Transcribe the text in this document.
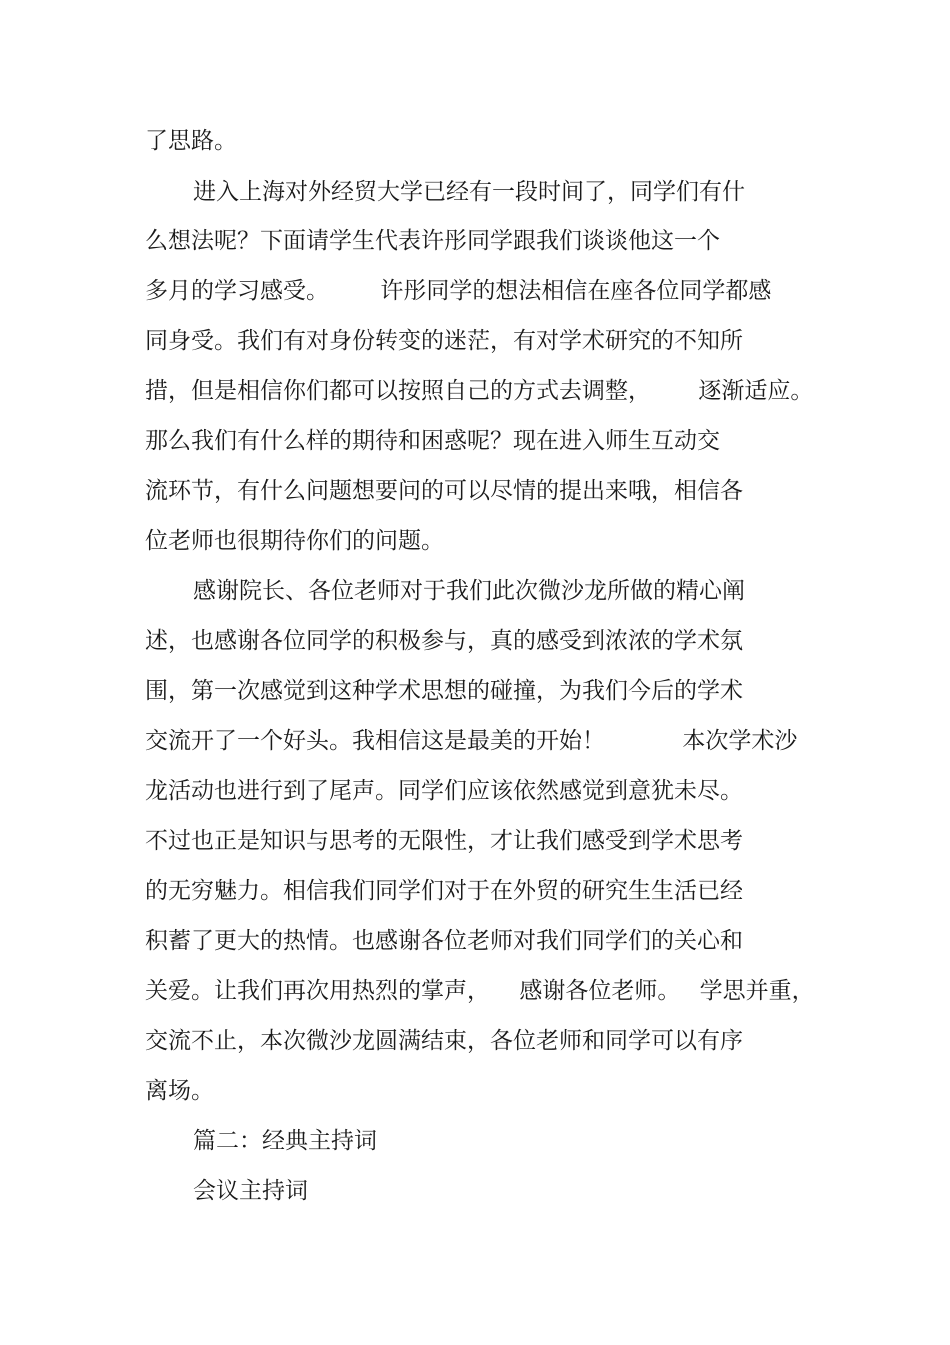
了思路。
进入上海对外经贸大学已经有一段时间了，同学们有什
么想法呢？下面请学生代表许彤同学跟我们谈谈他这一个
多月的学习感受。 许彤同学的想法相信在座各位同学都感
同身受。我们有对身份转变的迷茫，有对学术研究的不知所
措，但是相信你们都可以按照自己的方式去调整， 逐渐适应。
那么我们有什么样的期待和困惑呢？现在进入师生互动交
流环节，有什么问题想要问的可以尽情的提出来哦，相信各
位老师也很期待你们的问题。
感谢院长、各位老师对于我们此次微沙龙所做的精心阐
述，也感谢各位同学的积极参与，真的感受到浓浓的学术氛
围，第一次感觉到这种学术思想的碰撞，为我们今后的学术
交流开了一个好头。我相信这是最美的开始！	本次学术沙
龙活动也进行到了尾声。同学们应该依然感觉到意犹未尽。
不过也正是知识与思考的无限性，才让我们感受到学术思考
的无穷魅力。相信我们同学们对于在外贸的研究生生活已经
积蓄了更大的热情。也感谢各位老师对我们同学们的关心和
关爱。让我们再次用热烈的掌声， 感谢各位老师。 学思并重，
交流不止，本次微沙龙圆满结束，各位老师和同学可以有序
离场。
篇二：经典主持词
会议主持词
